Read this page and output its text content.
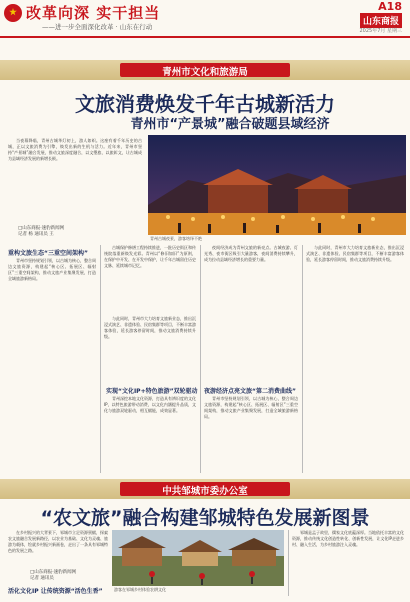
改革向深 实干担当
——进一步全面深化改革 · 山东在行动
A18
山东商报
2025年7月 星期三
青州市文化和旅游局
文旅消费焕发千年古城新活力
青州市“产景城”融合破题县域经济
青州古城夜景，游客络绎不绝

当夜幕降临，青州古城华灯初上，游人如织。这座有着千年历史的古城，正以文旅消费为引擎，焕发出新的生机与活力。近年来，青州市坚持“产景城”融合发展，推动文旅深度融合，以文塑旅、以旅彰文，让古城成为县域经济发展的新增长极。

□山东商报·速豹新闻网
记者 杨 通讯员 王
重构文旅生态“三重空间架构”

青州市坚持规划引领，以古城为核心，整合周边文旅资源，构建起“核心区、拓展区、辐射区”三重空间架构，推动文旅产业集聚发展，打造全域旅游新格局。

古城保护修缮工程持续推进，一批历史街区和传统院落重新焕发光彩。青州以“修旧如旧”为原则，在保护中开发、在开发中保护，让千年古城留住历史文脉、延续城市记忆。

与此同时，青州市大力培育文旅新业态，推出沉浸式演艺、非遗体验、民宿集群等项目，不断丰富游客体验，延长游客停留时间，推动文旅消费持续升级。

实现“文化IP+特色旅游”双轮驱动

青州深挖本地文化资源，打造具有辨识度的文化IP，以特色旅游带动消费，以文化内涵提升品质，文化与旅游双轮驱动，相互赋能，成效显著。

夜间经济成为青州文旅的新亮点。古城夜游、灯光秀、夜市街区吸引大量游客，夜间消费持续攀升，成为拉动县域经济增长的重要力量。

夜游经济点亮文旅“第二消费曲线”

青州市坚持规划引领，以古城为核心，整合周边文旅资源，构建起“核心区、拓展区、辐射区”三重空间架构，推动文旅产业集聚发展，打造全域旅游新格局。

与此同时，青州市大力培育文旅新业态，推出沉浸式演艺、非遗体验、民宿集群等项目，不断丰富游客体验，延长游客停留时间，推动文旅消费持续升级。

中共邹城市委办公室
“农文旅”融合构建邹城特色发展新图景

在乡村振兴的大背景下，邹城市立足资源禀赋，探索农文旅融合发展新路径，以农业为基础、文化为灵魂、旅游为载体，绘就乡村振兴新画卷，走出了一条具有邹城特色的发展之路。

□山东商报·速豹新闻网
记者 通讯员
活化文化IP 让传统资源“活色生香”	游客在邹城乡村体验农耕文化

邹城是孟子故里，儒家文化底蕴深厚。当地依托丰富的文化资源，推动传统文化创造性转化、创新性发展，让文化IP走进乡村、融入生活，为乡村旅游注入灵魂。
